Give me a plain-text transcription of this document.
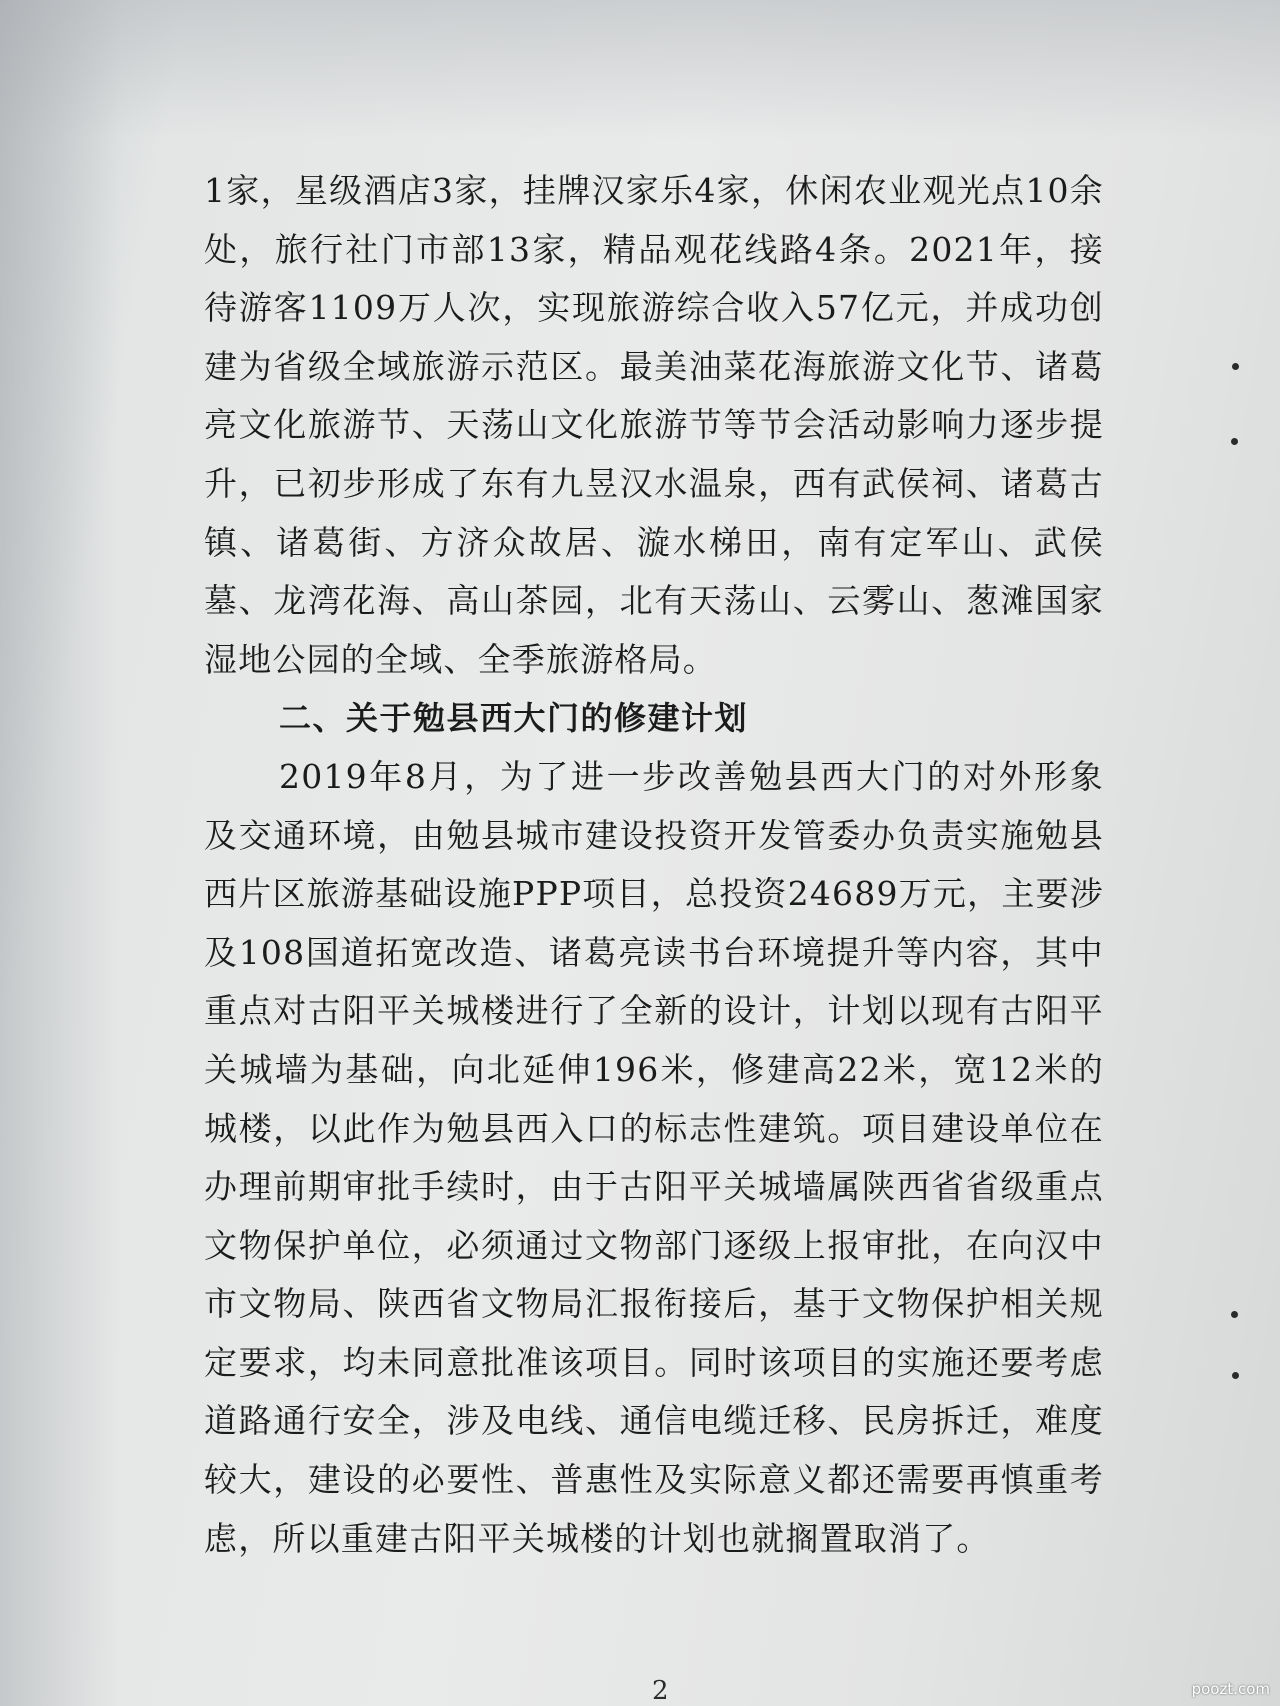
1家，星级酒店3家，挂牌汉家乐4家，休闲农业观光点10余处，旅行社门市部13家，精品观花线路4条。2021年，接待游客1109万人次，实现旅游综合收入57亿元，并成功创建为省级全域旅游示范区。最美油菜花海旅游文化节、诸葛亮文化旅游节、天荡山文化旅游节等节会活动影响力逐步提升，已初步形成了东有九昱汉水温泉，西有武侯祠、诸葛古镇、诸葛街、方济众故居、漩水梯田，南有定军山、武侯墓、龙湾花海、高山茶园，北有天荡山、云雾山、葱滩国家湿地公园的全域、全季旅游格局。

二、关于勉县西大门的修建计划

2019年8月，为了进一步改善勉县西大门的对外形象及交通环境，由勉县城市建设投资开发管委办负责实施勉县西片区旅游基础设施PPP项目，总投资24689万元，主要涉及108国道拓宽改造、诸葛亮读书台环境提升等内容，其中重点对古阳平关城楼进行了全新的设计，计划以现有古阳平关城墙为基础，向北延伸196米，修建高22米，宽12米的城楼，以此作为勉县西入口的标志性建筑。项目建设单位在办理前期审批手续时，由于古阳平关城墙属陕西省省级重点文物保护单位，必须通过文物部门逐级上报审批，在向汉中市文物局、陕西省文物局汇报衔接后，基于文物保护相关规定要求，均未同意批准该项目。同时该项目的实施还要考虑道路通行安全，涉及电线、通信电缆迁移、民房拆迁，难度较大，建设的必要性、普惠性及实际意义都还需要再慎重考虑，所以重建古阳平关城楼的计划也就搁置取消了。

2	poozt.com
